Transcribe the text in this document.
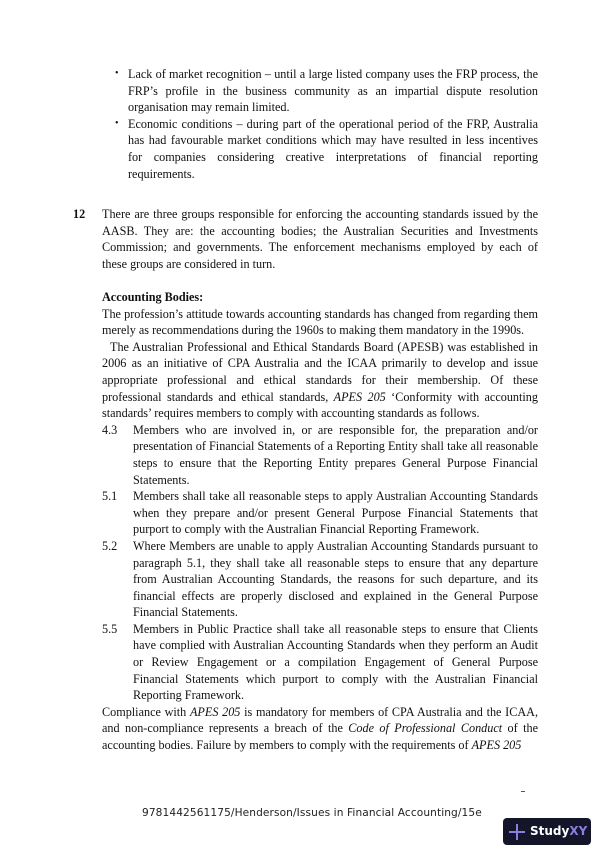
• Lack of market recognition – until a large listed company uses the FRP process, the FRP’s profile in the business community as an impartial dispute resolution organisation may remain limited.
• Economic conditions – during part of the operational period of the FRP, Australia has had favourable market conditions which may have resulted in less incentives for companies considering creative interpretations of financial reporting requirements.
12 There are three groups responsible for enforcing the accounting standards issued by the AASB. They are: the accounting bodies; the Australian Securities and Investments Commission; and governments. The enforcement mechanisms employed by each of these groups are considered in turn.

Accounting Bodies:

The profession’s attitude towards accounting standards has changed from regarding them merely as recommendations during the 1960s to making them mandatory in the 1990s.

The Australian Professional and Ethical Standards Board (APESB) was established in 2006 as an initiative of CPA Australia and the ICAA primarily to develop and issue appropriate professional and ethical standards for their membership. Of these professional standards and ethical standards, APES 205 ‘Conformity with accounting standards’ requires members to comply with accounting standards as follows.

4.3 Members who are involved in, or are responsible for, the preparation and/or presentation of Financial Statements of a Reporting Entity shall take all reasonable steps to ensure that the Reporting Entity prepares General Purpose Financial Statements.
5.1 Members shall take all reasonable steps to apply Australian Accounting Standards when they prepare and/or present General Purpose Financial Statements that purport to comply with the Australian Financial Reporting Framework.
5.2 Where Members are unable to apply Australian Accounting Standards pursuant to paragraph 5.1, they shall take all reasonable steps to ensure that any departure from Australian Accounting Standards, the reasons for such departure, and its financial effects are properly disclosed and explained in the General Purpose Financial Statements.
5.5 Members in Public Practice shall take all reasonable steps to ensure that Clients have complied with Australian Accounting Standards when they perform an Audit or Review Engagement or a compilation Engagement of General Purpose Financial Statements which purport to comply with the Australian Financial Reporting Framework.

Compliance with APES 205 is mandatory for members of CPA Australia and the ICAA, and non-compliance represents a breach of the Code of Professional Conduct of the accounting bodies. Failure by members to comply with the requirements of APES 205

9781442561175/Henderson/Issues in Financial Accounting/15e
Study XY
